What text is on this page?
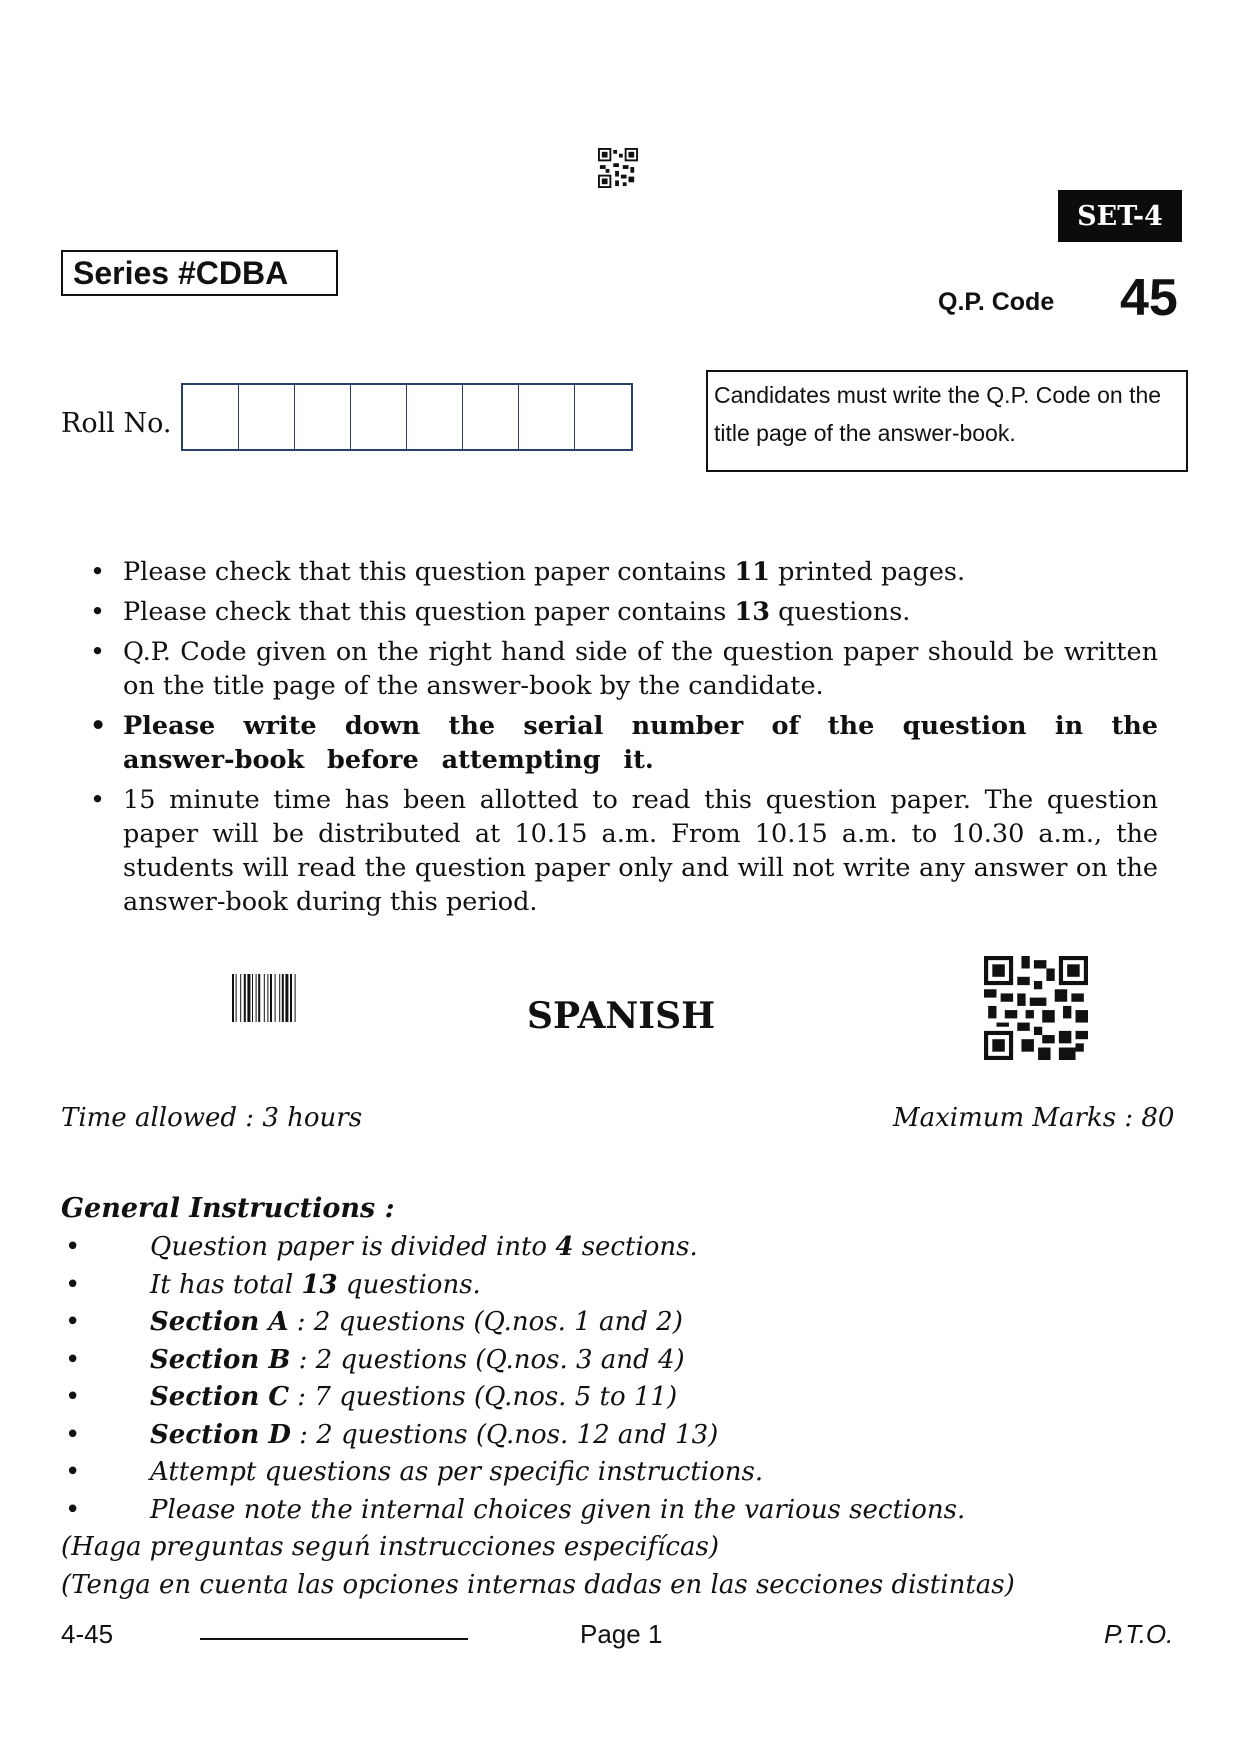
SET-4
Series #CDBA
Q.P. Code 45
Roll No.
Candidates must write the Q.P. Code on the title page of the answer-book.
• Please check that this question paper contains 11 printed pages.
• Please check that this question paper contains 13 questions.
• Q.P. Code given on the right hand side of the question paper should be written on the title page of the answer-book by the candidate.
• Please write down the serial number of the question in the answer-book before attempting it.
• 15 minute time has been allotted to read this question paper. The question paper will be distributed at 10.15 a.m. From 10.15 a.m. to 10.30 a.m., the students will read the question paper only and will not write any answer on the answer-book during this period.
SPANISH
Time allowed : 3 hours	Maximum Marks : 80
General Instructions :
•	Question paper is divided into 4 sections.
•	It has total 13 questions.
•	Section A : 2 questions (Q.nos. 1 and 2)
•	Section B : 2 questions (Q.nos. 3 and 4)
•	Section C : 7 questions (Q.nos. 5 to 11)
•	Section D : 2 questions (Q.nos. 12 and 13)
•	Attempt questions as per specific instructions.
•	Please note the internal choices given in the various sections.
(Haga preguntas seguń instrucciones especifícas)
(Tenga en cuenta las opciones internas dadas en las secciones distintas)
4-45	Page 1	P.T.O.
